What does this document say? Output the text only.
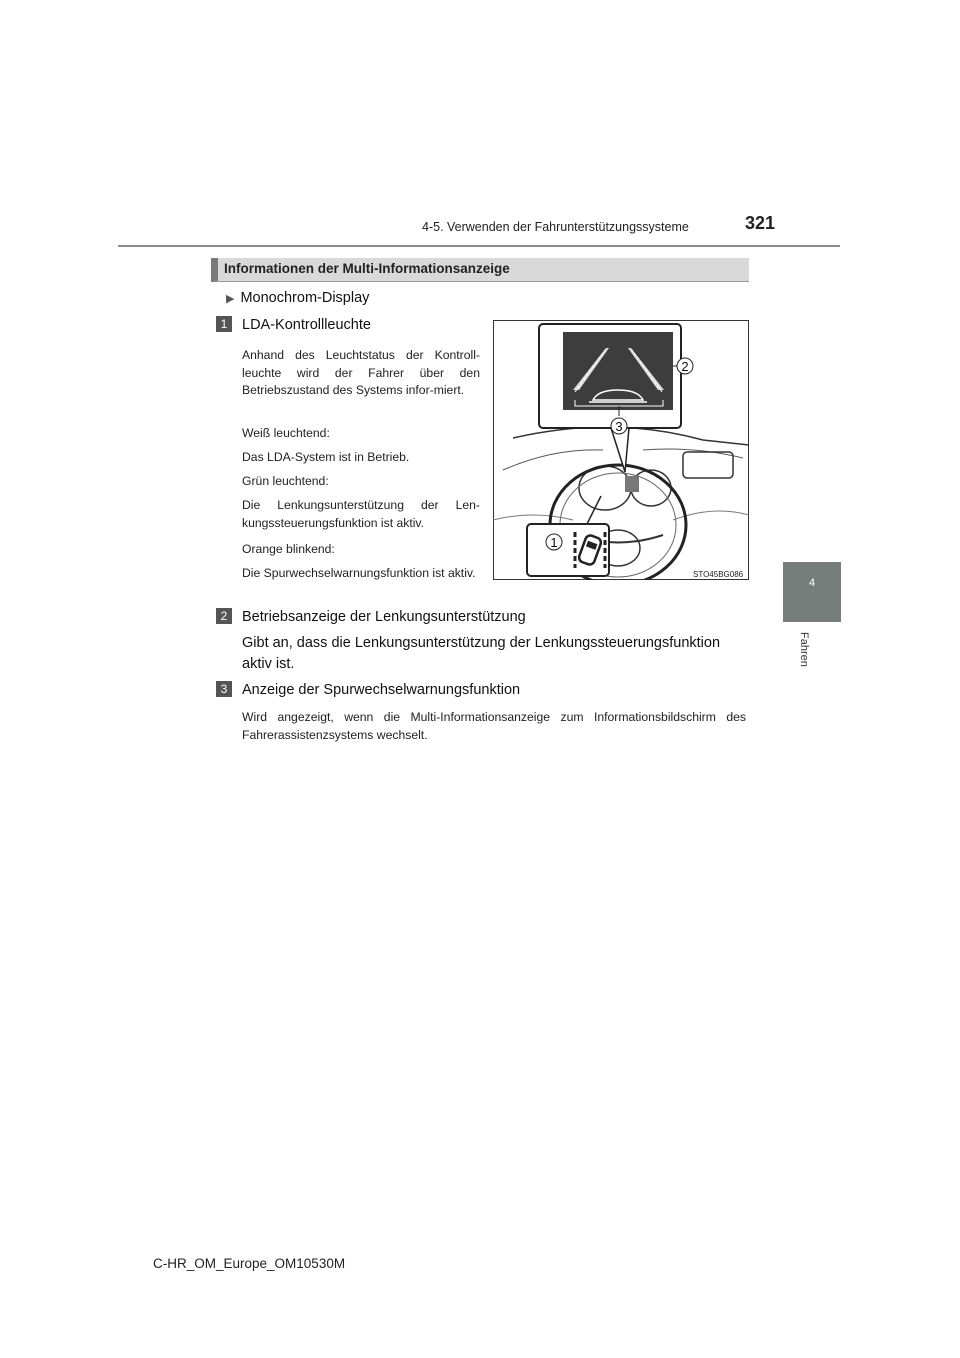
4-5. Verwenden der Fahrunterstützungssysteme	321
4
Fahren
Informationen der Multi-Informationsanzeige
▶ Monochrom-Display
1	LDA-Kontrollleuchte
Anhand des Leuchtstatus der Kontroll-leuchte wird der Fahrer über den Betriebszustand des Systems infor-miert.
Weiß leuchtend:
Das LDA-System ist in Betrieb.
Grün leuchtend:
Die Lenkungsunterstützung der Len-kungssteuerungsfunktion ist aktiv.
Orange blinkend:
Die Spurwechselwarnungsfunktion ist aktiv.
2
3
1
STO45BG086
2	Betriebsanzeige der Lenkungsunterstützung
Gibt an, dass die Lenkungsunterstützung der Lenkungssteuerungsfunktion aktiv ist.
3	Anzeige der Spurwechselwarnungsfunktion
Wird angezeigt, wenn die Multi-Informationsanzeige zum Informationsbildschirm des Fahrerassistenzsystems wechselt.
C-HR_OM_Europe_OM10530M
